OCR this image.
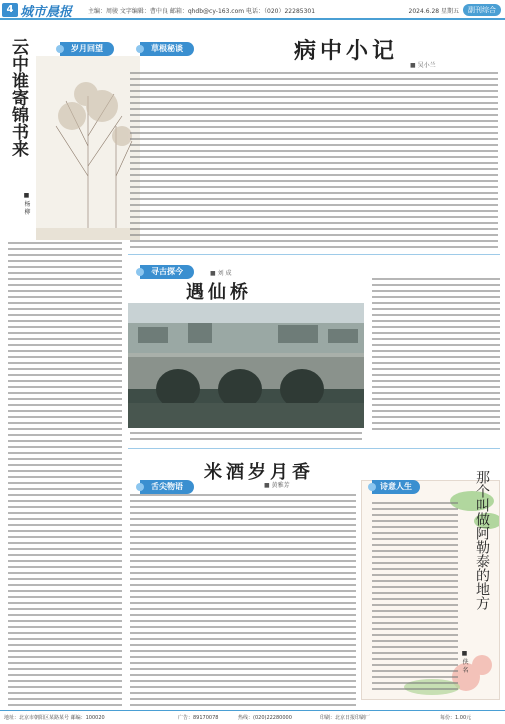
4 城市晨报	主编：周骏 文字编辑：曹中良 邮箱：qhdb@cy-163.com 电话：（020）22285301	2024.6.28 星期五	副刊综合
岁月回望
云中谁寄锦书来
■ 杨 柳
草根秘谈	病中小记
■ 吴小兰
寻古探今	■ 刘 成
遇仙桥
舌尖物语
米酒岁月香
■ 黄雅芳	诗意人生	那个叫做阿勒泰的地方
■ 佚 名
地址：北京市朝阳区某路某号 邮编：100020	广告：89170078	热线：(020)22280000	印刷：北京日报印刷厂	每份：1.00元
